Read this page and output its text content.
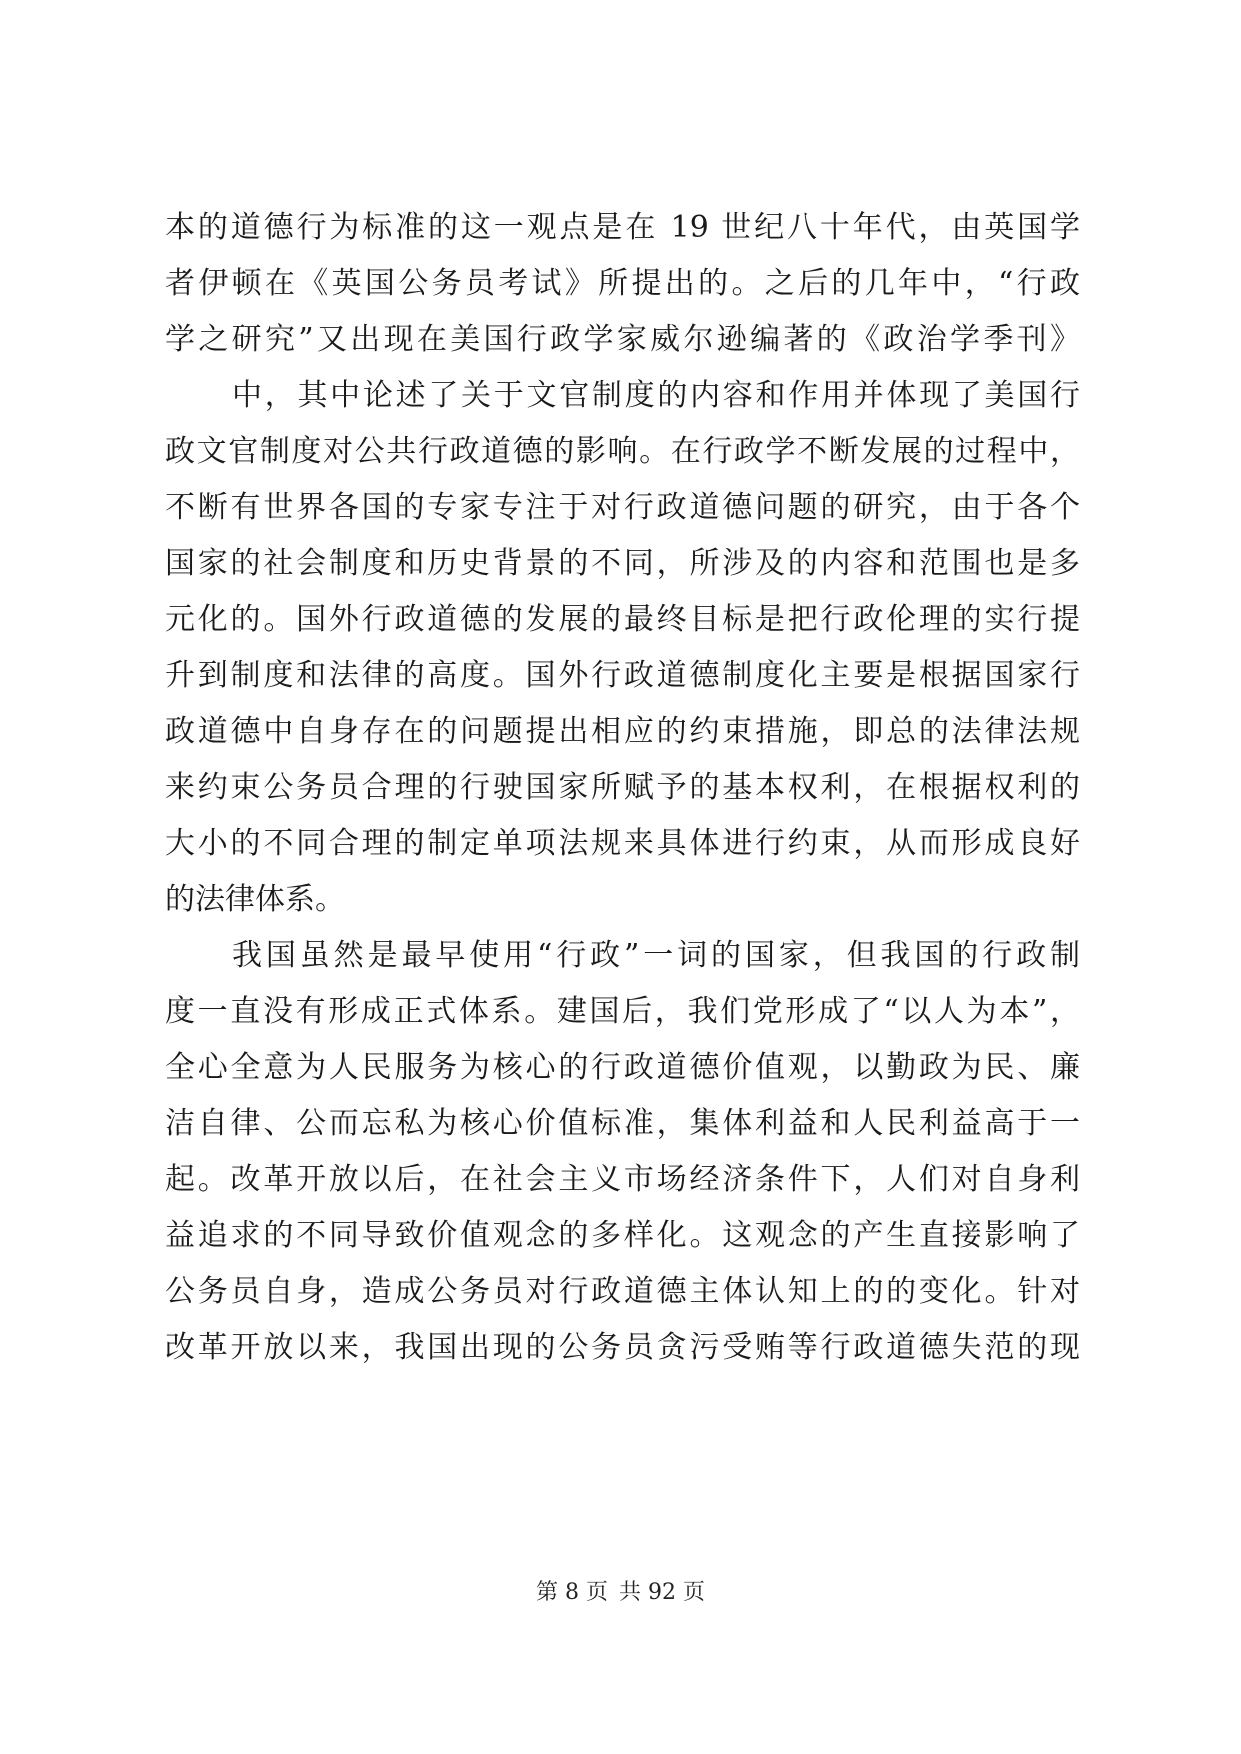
本的道德行为标准的这一观点是在 19 世纪八十年代，由英国学
者伊顿在《英国公务员考试》所提出的。之后的几年中，“行政
学之研究”又出现在美国行政学家威尔逊编著的《政治学季刊》
中，其中论述了关于文官制度的内容和作用并体现了美国行
政文官制度对公共行政道德的影响。在行政学不断发展的过程中，
不断有世界各国的专家专注于对行政道德问题的研究，由于各个
国家的社会制度和历史背景的不同，所涉及的内容和范围也是多
元化的。国外行政道德的发展的最终目标是把行政伦理的实行提
升到制度和法律的高度。国外行政道德制度化主要是根据国家行
政道德中自身存在的问题提出相应的约束措施，即总的法律法规
来约束公务员合理的行驶国家所赋予的基本权利，在根据权利的
大小的不同合理的制定单项法规来具体进行约束，从而形成良好
的法律体系。
我国虽然是最早使用“行政”一词的国家，但我国的行政制
度一直没有形成正式体系。建国后，我们党形成了“以人为本”，
全心全意为人民服务为核心的行政道德价值观，以勤政为民、廉
洁自律、公而忘私为核心价值标准，集体利益和人民利益高于一
起。改革开放以后，在社会主义市场经济条件下，人们对自身利
益追求的不同导致价值观念的多样化。这观念的产生直接影响了
公务员自身，造成公务员对行政道德主体认知上的的变化。针对
改革开放以来，我国出现的公务员贪污受贿等行政道德失范的现
第 8 页 共 92 页
